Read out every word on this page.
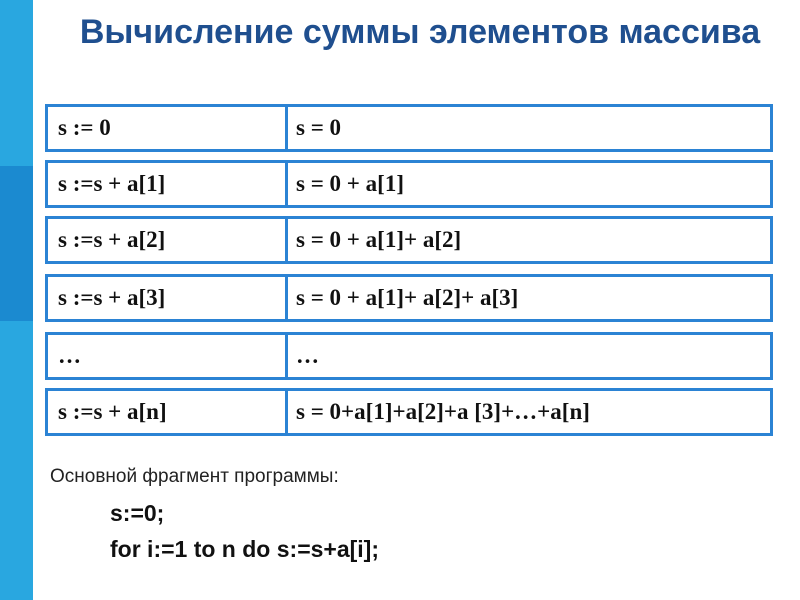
Вычисление суммы элементов массива
s := 0	s = 0
s :=s + a[1]	s = 0 + a[1]
s :=s + a[2]	s = 0 + a[1]+ a[2]
s :=s + a[3]	s = 0 + a[1]+ a[2]+ a[3]
…	…
s :=s + a[n]	s = 0+a[1]+a[2]+a [3]+…+a[n]
Основной фрагмент программы:
s:=0;
for i:=1 to n do s:=s+a[i];
